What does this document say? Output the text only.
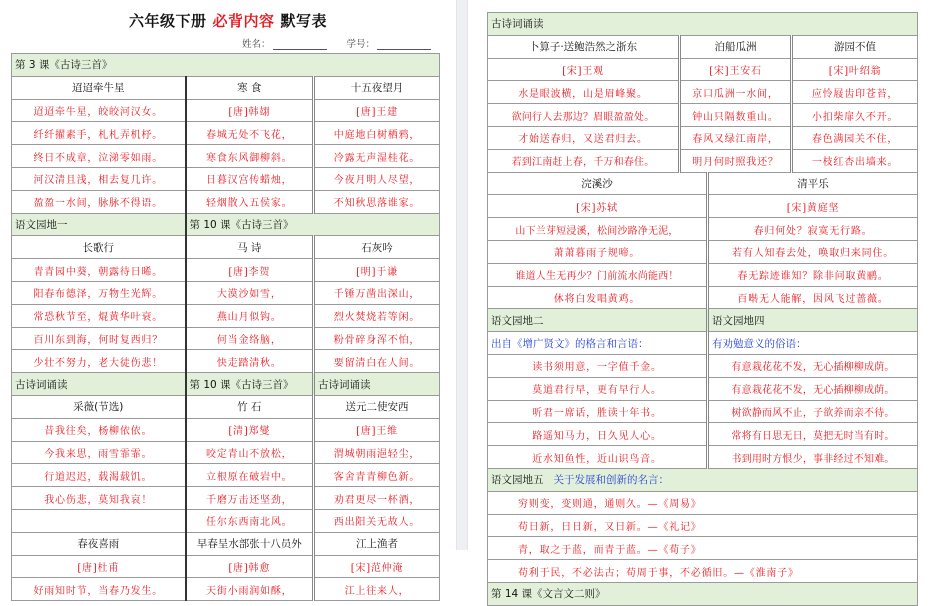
六年级下册 必背内容 默写表
姓名：	学号：
第 3 课《古诗三首》		
迢迢牵牛星	寒 食	十五夜望月
迢迢牵牛星，皎皎河汉女。	[唐]韩翃	[唐]王建
纤纤擢素手，札札弄机杼。	春城无处不飞花，	中庭地白树栖鸦，
终日不成章，泣涕零如雨。	寒食东风御柳斜。	冷露无声湿桂花。
河汉清且浅，相去复几许。	日暮汉宫传蜡烛，	今夜月明人尽望，
盈盈一水间，脉脉不得语。	轻烟散入五侯家。	不知秋思落谁家。
语文园地一	第 10 课《古诗三首》	
长歌行	马 诗	石灰吟
青青园中葵，朝露待日晞。	[唐]李贺	[明]于谦
阳春布德泽，万物生光辉。	大漠沙如雪，	千锤万凿出深山，
常恐秋节至，焜黄华叶衰。	燕山月似钩。	烈火焚烧若等闲。
百川东到海，何时复西归？	何当金络脑，	粉骨碎身浑不怕，
少壮不努力，老大徒伤悲！	快走踏清秋。	要留清白在人间。
古诗词诵读	第 10 课《古诗三首》	古诗词诵读
采薇(节选)	竹 石	送元二使安西
昔我往矣，杨柳依依。	[清]郑燮	[唐]王维
今我来思，雨雪霏霏。	咬定青山不放松，	渭城朝雨浥轻尘，
行道迟迟，载渴载饥。	立根原在破岩中。	客舍青青柳色新。
我心伤悲，莫知我哀！	千磨万击还坚劲，	劝君更尽一杯酒，
	任尔东西南北风。	西出阳关无故人。
春夜喜雨	早春呈水部张十八员外	江上渔者
[唐]杜甫	[唐]韩愈	[宋]范仲淹
好雨知时节，当春乃发生。	天街小雨润如酥，	江上往来人，
古诗词诵读			
卜算子·送鲍浩然之浙东	泊船瓜洲		游园不值
[宋]王观	[宋]王安石		[宋]叶绍翁
水是眼波横，山是眉峰聚。	京口瓜洲一水间，		应怜屐齿印苍苔，
欲问行人去那边？眉眼盈盈处。	钟山只隔数重山。		小扣柴扉久不开。
才始送春归，又送君归去。	春风又绿江南岸，		春色满园关不住，
若到江南赶上春，千万和春住。	明月何时照我还？		一枝红杏出墙来。
浣溪沙		清平乐	
[宋]苏轼		[宋]黄庭坚	
山下兰芽短浸溪，松间沙路净无泥，		春归何处？寂寞无行路。	
萧萧暮雨子规啼。		若有人知春去处，唤取归来同住。	
谁道人生无再少？门前流水尚能西！		春无踪迹谁知？除非问取黄鹂。	
休将白发唱黄鸡。		百啭无人能解，因风飞过蔷薇。	
语文园地二		语文园地四	
出自《增广贤文》的格言和言语：		有劝勉意义的俗语：	
读书须用意，一字值千金。		有意栽花花不发，无心插柳柳成荫。	
莫道君行早，更有早行人。		有意栽花花不发，无心插柳柳成荫。	
听君一席话，胜读十年书。		树欲静而风不止，子欲养而亲不待。	
路遥知马力，日久见人心。		常将有日思无日，莫把无时当有时。	
近水知鱼性，近山识鸟音。		书到用时方恨少，事非经过不知难。	
语文园地五 关于发展和创新的名言：			
穷则变，变则通，通则久。—《周易》			
苟日新，日日新，又日新。—《礼记》			
青，取之于蓝，而青于蓝。—《荀子》			
苟利于民，不必法古；苟周于事，不必循旧。—《淮南子》			
第 14 课《文言文二则》			
